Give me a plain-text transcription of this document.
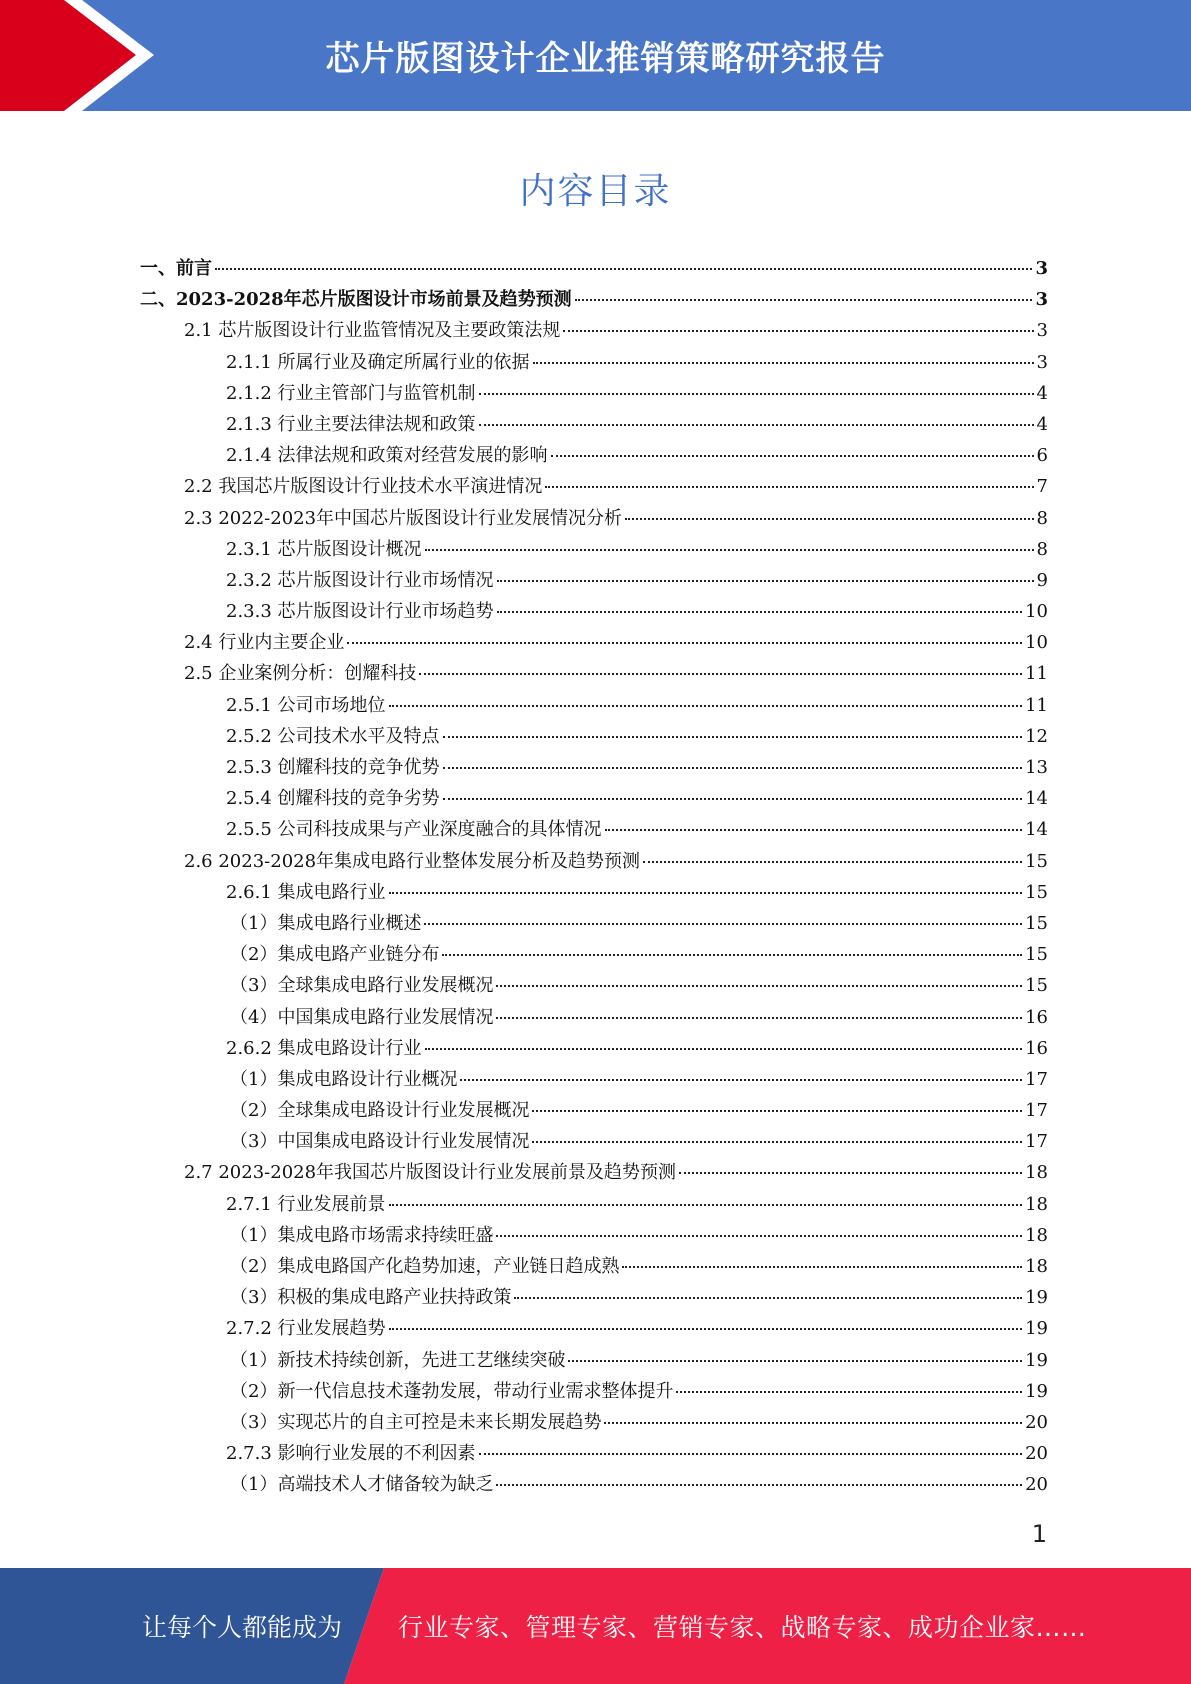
芯片版图设计企业推销策略研究报告
内容目录
一、前言	3
二、2023-2028年芯片版图设计市场前景及趋势预测	3
2.1 芯片版图设计行业监管情况及主要政策法规	3
2.1.1 所属行业及确定所属行业的依据	3
2.1.2 行业主管部门与监管机制	4
2.1.3 行业主要法律法规和政策	4
2.1.4 法律法规和政策对经营发展的影响	6
2.2 我国芯片版图设计行业技术水平演进情况	7
2.3 2022-2023年中国芯片版图设计行业发展情况分析	8
2.3.1 芯片版图设计概况	8
2.3.2 芯片版图设计行业市场情况	9
2.3.3 芯片版图设计行业市场趋势	10
2.4 行业内主要企业	10
2.5 企业案例分析：创耀科技	11
2.5.1 公司市场地位	11
2.5.2 公司技术水平及特点	12
2.5.3 创耀科技的竞争优势	13
2.5.4 创耀科技的竞争劣势	14
2.5.5 公司科技成果与产业深度融合的具体情况	14
2.6 2023-2028年集成电路行业整体发展分析及趋势预测	15
2.6.1 集成电路行业	15
（1）集成电路行业概述	15
（2）集成电路产业链分布	15
（3）全球集成电路行业发展概况	15
（4）中国集成电路行业发展情况	16
2.6.2 集成电路设计行业	16
（1）集成电路设计行业概况	17
（2）全球集成电路设计行业发展概况	17
（3）中国集成电路设计行业发展情况	17
2.7 2023-2028年我国芯片版图设计行业发展前景及趋势预测	18
2.7.1 行业发展前景	18
（1）集成电路市场需求持续旺盛	18
（2）集成电路国产化趋势加速，产业链日趋成熟	18
（3）积极的集成电路产业扶持政策	19
2.7.2 行业发展趋势	19
（1）新技术持续创新，先进工艺继续突破	19
（2）新一代信息技术蓬勃发展，带动行业需求整体提升	19
（3）实现芯片的自主可控是未来长期发展趋势	20
2.7.3 影响行业发展的不利因素	20
（1）高端技术人才储备较为缺乏	20
1
让每个人都能成为 行业专家、管理专家、营销专家、战略专家、成功企业家……
